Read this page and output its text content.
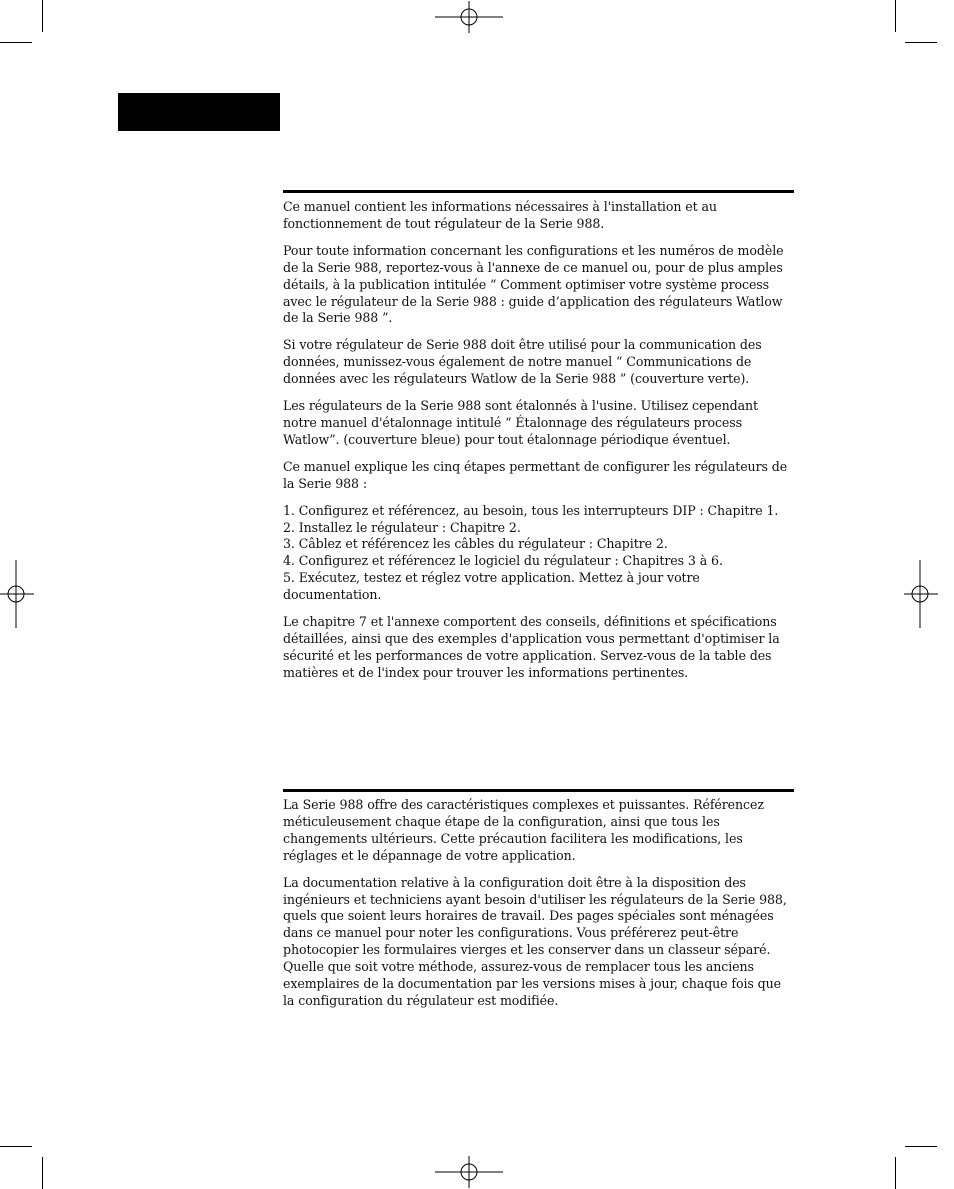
Ce manuel contient les informations nécessaires à l'installation et au fonctionnement de tout régulateur de la Serie 988.

Pour toute information concernant les configurations et les numéros de modèle de la Serie 988, reportez-vous à l'annexe de ce manuel ou, pour de plus amples détails, à la publication intitulée “ Comment optimiser votre système process avec le régulateur de la Serie 988 : guide d’application des régulateurs Watlow de la Serie 988 ”.

Si votre régulateur de Serie 988 doit être utilisé pour la communication des données, munissez-vous également de notre manuel “ Communications de données avec les régulateurs Watlow de la Serie 988 ” (couverture verte).

Les régulateurs de la Serie 988 sont étalonnés à l'usine. Utilisez cependant notre manuel d'étalonnage intitulé “ Étalonnage des régulateurs process Watlow”. (couverture bleue) pour tout étalonnage périodique éventuel.

Ce manuel explique les cinq étapes permettant de configurer les régulateurs de la Serie 988 :

1. Configurez et référencez, au besoin, tous les interrupteurs DIP : Chapitre 1.
2. Installez le régulateur : Chapitre 2.
3. Câblez et référencez les câbles du régulateur : Chapitre 2.
4. Configurez et référencez le logiciel du régulateur : Chapitres 3 à 6.
5. Exécutez, testez et réglez votre application. Mettez à jour votre documentation.

Le chapitre 7 et l'annexe comportent des conseils, définitions et spécifications détaillées, ainsi que des exemples d'application vous permettant d'optimiser la sécurité et les performances de votre application. Servez-vous de la table des matières et de l'index pour trouver les informations pertinentes.

La Serie 988 offre des caractéristiques complexes et puissantes. Référencez méticuleusement chaque étape de la configuration, ainsi que tous les changements ultérieurs. Cette précaution facilitera les modifications, les réglages et le dépannage de votre application.

La documentation relative à la configuration doit être à la disposition des ingénieurs et techniciens ayant besoin d'utiliser les régulateurs de la Serie 988, quels que soient leurs horaires de travail. Des pages spéciales sont ménagées dans ce manuel pour noter les configurations. Vous préférerez peut-être photocopier les formulaires vierges et les conserver dans un classeur séparé. Quelle que soit votre méthode, assurez-vous de remplacer tous les anciens exemplaires de la documentation par les versions mises à jour, chaque fois que la configuration du régulateur est modifiée.
